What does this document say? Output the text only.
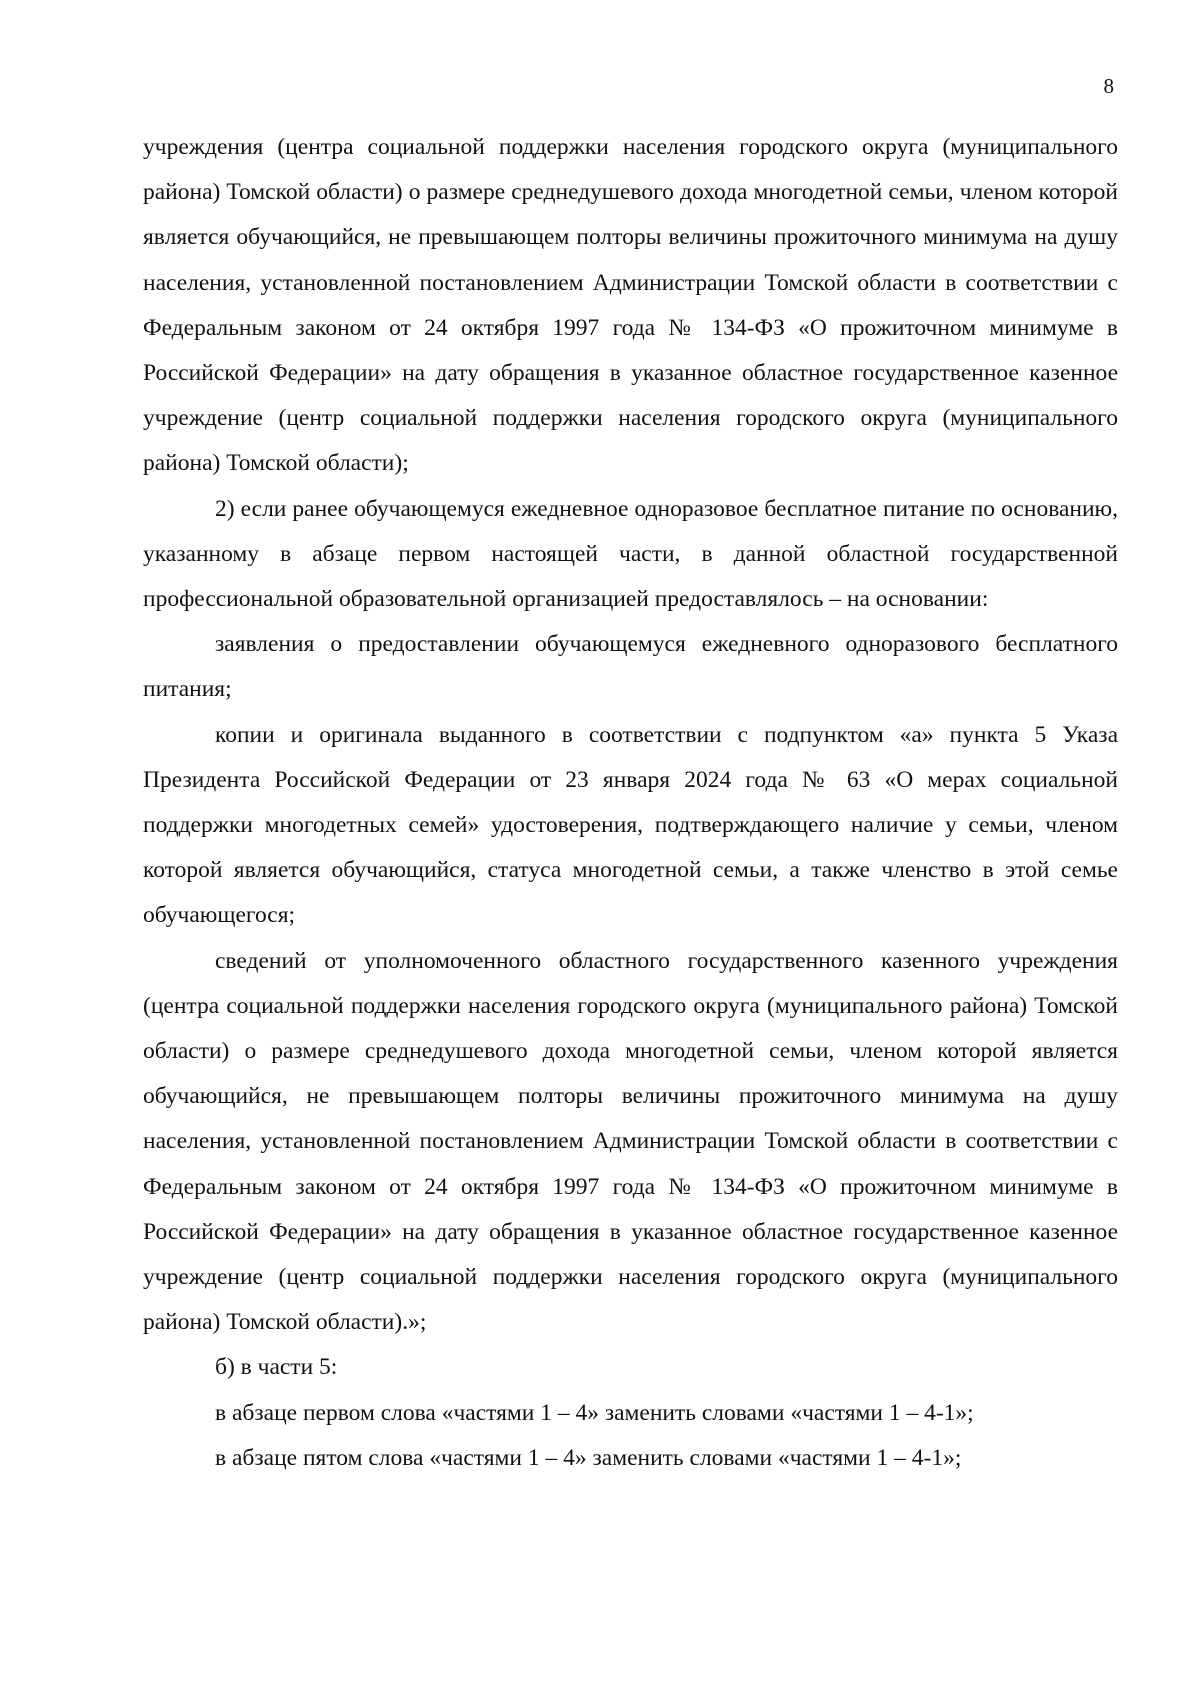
8

учреждения (центра социальной поддержки населения городского округа (муниципального района) Томской области) о размере среднедушевого дохода многодетной семьи, членом которой является обучающийся, не превышающем полторы величины прожиточного минимума на душу населения, установленной постановлением Администрации Томской области в соответствии с Федеральным законом от 24 октября 1997 года № 134-ФЗ «О прожиточном минимуме в Российской Федерации» на дату обращения в указанное областное государственное казенное учреждение (центр социальной поддержки населения городского округа (муниципального района) Томской области);

2) если ранее обучающемуся ежедневное одноразовое бесплатное питание по основанию, указанному в абзаце первом настоящей части, в данной областной государственной профессиональной образовательной организацией предоставлялось – на основании:

заявления о предоставлении обучающемуся ежедневного одноразового бесплатного питания;

копии и оригинала выданного в соответствии с подпунктом «а» пункта 5 Указа Президента Российской Федерации от 23 января 2024 года № 63 «О мерах социальной поддержки многодетных семей» удостоверения, подтверждающего наличие у семьи, членом которой является обучающийся, статуса многодетной семьи, а также членство в этой семье обучающегося;

сведений от уполномоченного областного государственного казенного учреждения (центра социальной поддержки населения городского округа (муниципального района) Томской области) о размере среднедушевого дохода многодетной семьи, членом которой является обучающийся, не превышающем полторы величины прожиточного минимума на душу населения, установленной постановлением Администрации Томской области в соответствии с Федеральным законом от 24 октября 1997 года № 134-ФЗ «О прожиточном минимуме в Российской Федерации» на дату обращения в указанное областное государственное казенное учреждение (центр социальной поддержки населения городского округа (муниципального района) Томской области).»;

б) в части 5:

в абзаце первом слова «частями 1 – 4» заменить словами «частями 1 – 4-1»;

в абзаце пятом слова «частями 1 – 4» заменить словами «частями 1 – 4-1»;
